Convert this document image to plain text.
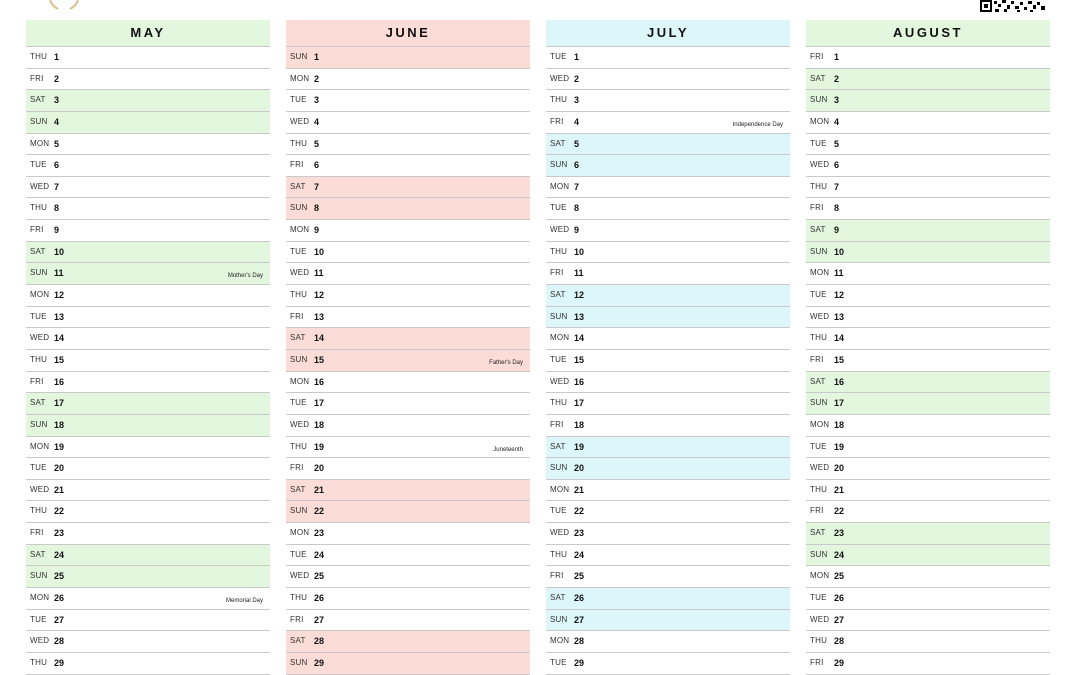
MAY
THU 1
FRI 2
SAT 3
SUN 4
MON 5
TUE 6
WED 7
THU 8
FRI 9
SAT 10
SUN 11	Mother's Day
MON 12
TUE 13
WED 14
THU 15
FRI 16
SAT 17
SUN 18
MON 19
TUE 20
WED 21
THU 22
FRI 23
SAT 24
SUN 25
MON 26	Memorial Day
TUE 27
WED 28
THU 29
JUNE
SUN 1
MON 2
TUE 3
WED 4
THU 5
FRI 6
SAT 7
SUN 8
MON 9
TUE 10
WED 11
THU 12
FRI 13
SAT 14
SUN 15	Father's Day
MON 16
TUE 17
WED 18
THU 19	Juneteenth
FRI 20
SAT 21
SUN 22
MON 23
TUE 24
WED 25
THU 26
FRI 27
SAT 28
SUN 29
JULY
TUE 1
WED 2
THU 3
FRI 4	Independence Day
SAT 5
SUN 6
MON 7
TUE 8
WED 9
THU 10
FRI 11
SAT 12
SUN 13
MON 14
TUE 15
WED 16
THU 17
FRI 18
SAT 19
SUN 20
MON 21
TUE 22
WED 23
THU 24
FRI 25
SAT 26
SUN 27
MON 28
TUE 29
AUGUST
FRI 1
SAT 2
SUN 3
MON 4
TUE 5
WED 6
THU 7
FRI 8
SAT 9
SUN 10
MON 11
TUE 12
WED 13
THU 14
FRI 15
SAT 16
SUN 17
MON 18
TUE 19
WED 20
THU 21
FRI 22
SAT 23
SUN 24
MON 25
TUE 26
WED 27
THU 28
FRI 29
